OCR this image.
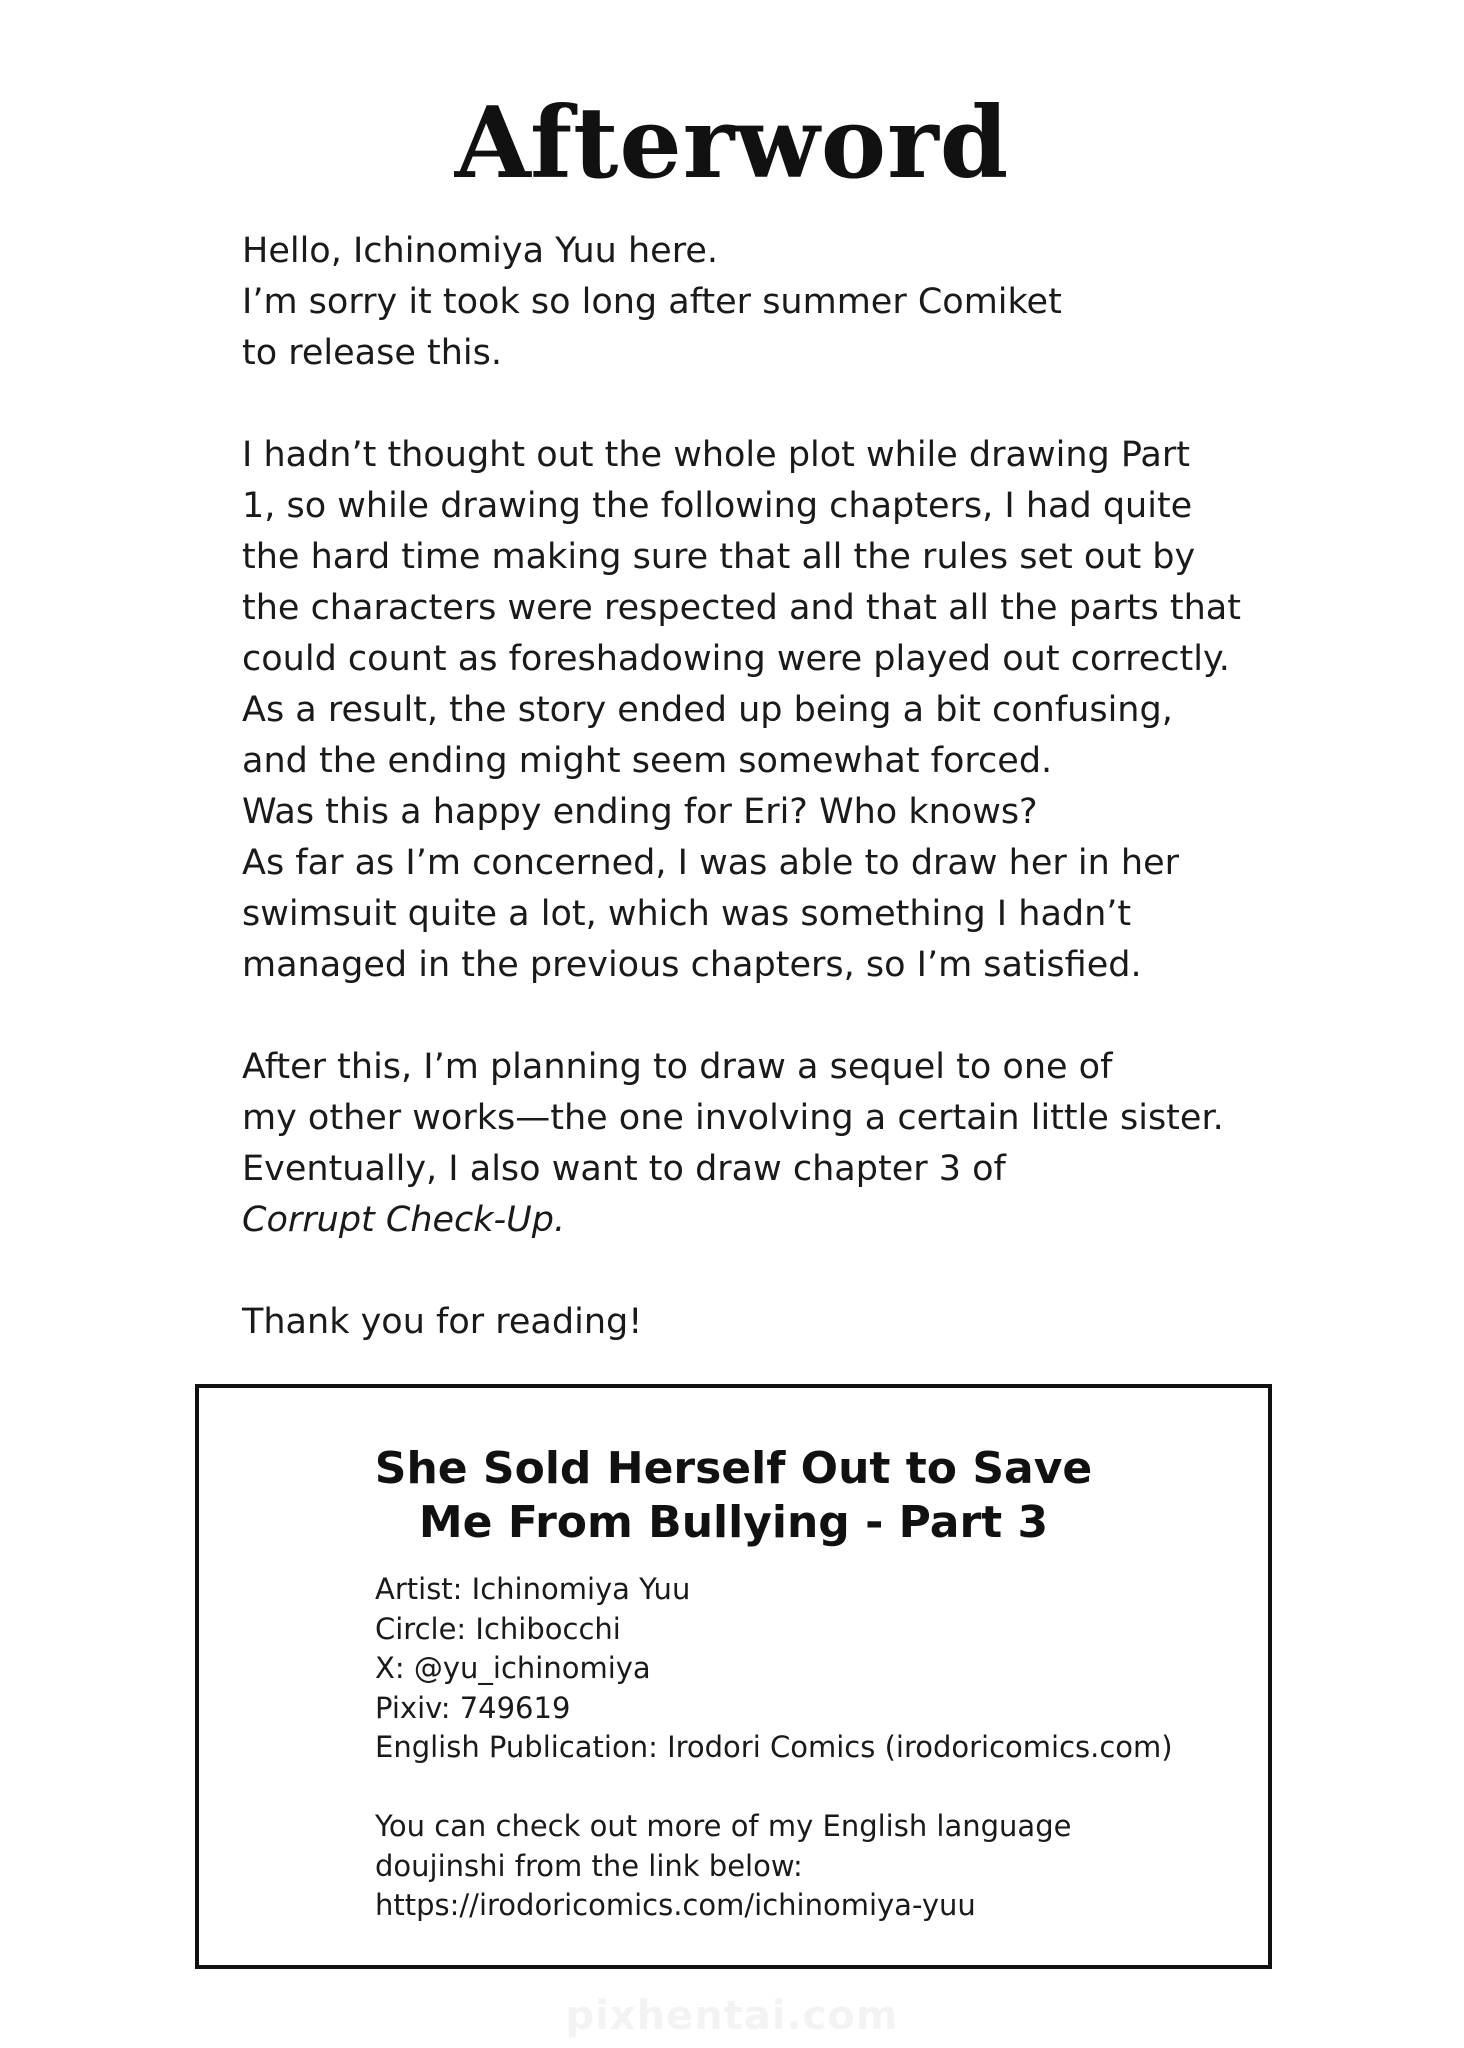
Afterword
Hello, Ichinomiya Yuu here.
I’m sorry it took so long after summer Comiket
to release this.
I hadn’t thought out the whole plot while drawing Part
1, so while drawing the following chapters, I had quite
the hard time making sure that all the rules set out by
the characters were respected and that all the parts that
could count as foreshadowing were played out correctly.
As a result, the story ended up being a bit confusing,
and the ending might seem somewhat forced.
Was this a happy ending for Eri? Who knows?
As far as I’m concerned, I was able to draw her in her
swimsuit quite a lot, which was something I hadn’t
managed in the previous chapters, so I’m satisfied.
After this, I’m planning to draw a sequel to one of
my other works—the one involving a certain little sister.
Eventually, I also want to draw chapter 3 of
Corrupt Check-Up.
Thank you for reading!
She Sold Herself Out to Save
Me From Bullying - Part 3
Artist: Ichinomiya Yuu
Circle: Ichibocchi
X: @yu_ichinomiya
Pixiv: 749619
English Publication: Irodori Comics (irodoricomics.com)
You can check out more of my English language
doujinshi from the link below:
https://irodoricomics.com/ichinomiya-yuu
pixhentai.com
